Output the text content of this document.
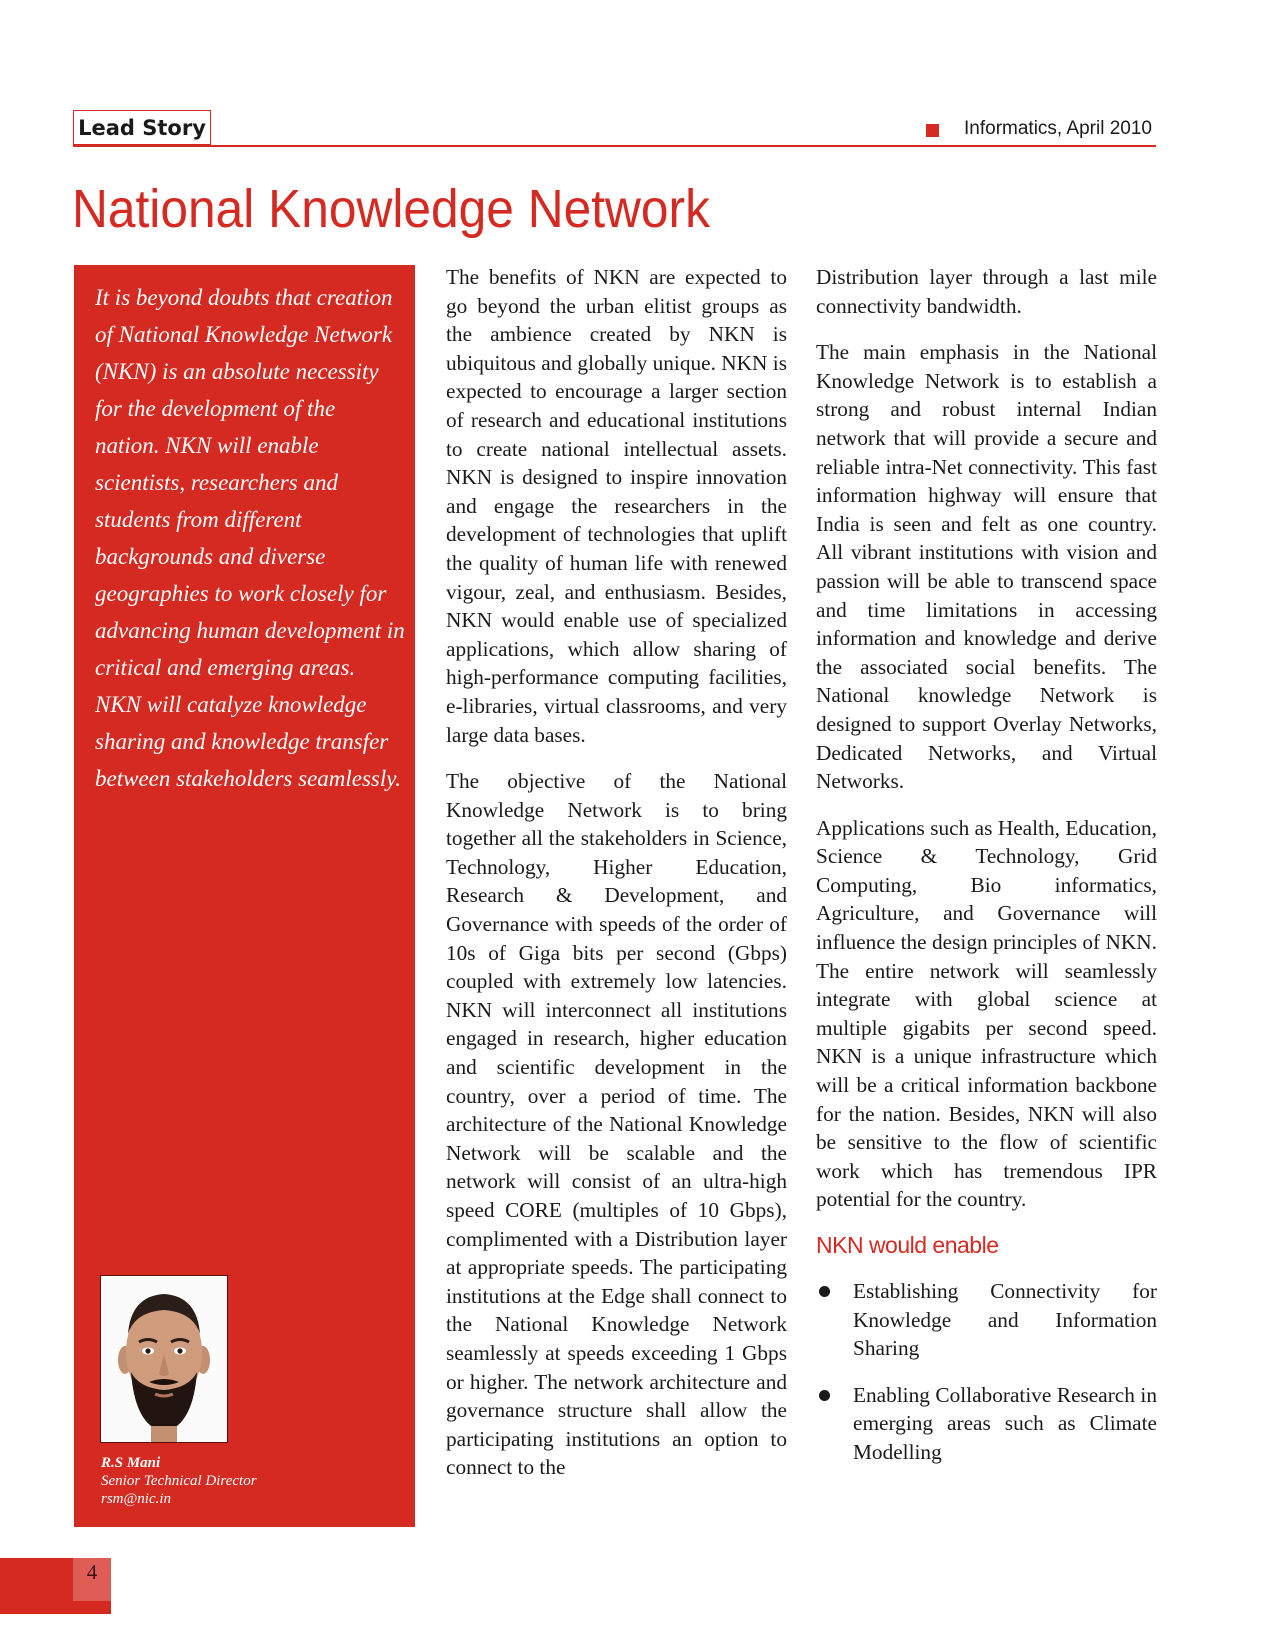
Lead Story	Informatics, April 2010
National Knowledge Network

It is beyond doubts that creation of National Knowledge Network (NKN) is an absolute necessity for the development of the nation. NKN will enable scientists, researchers and students from different backgrounds and diverse geographies to work closely for advancing human development in critical and emerging areas. NKN will catalyze knowledge sharing and knowledge transfer between stakeholders seamlessly.

R.S Mani
Senior Technical Director
rsm@nic.in

The benefits of NKN are expected to go beyond the urban elitist groups as the ambience created by NKN is ubiquitous and globally unique. NKN is expected to encourage a larger section of research and educational institutions to create national intellectual assets. NKN is designed to inspire innovation and engage the researchers in the development of technologies that uplift the quality of human life with renewed vigour, zeal, and enthusiasm. Besides, NKN would enable use of specialized applications, which allow sharing of high-performance computing facilities, e-libraries, virtual classrooms, and very large data bases.

The objective of the National Knowledge Network is to bring together all the stakeholders in Science, Technology, Higher Education, Research & Development, and Governance with speeds of the order of 10s of Giga bits per second (Gbps) coupled with extremely low latencies. NKN will interconnect all institutions engaged in research, higher education and scientific development in the country, over a period of time. The architecture of the National Knowledge Network will be scalable and the network will consist of an ultra-high speed CORE (multiples of 10 Gbps), complimented with a Distribution layer at appropriate speeds. The participating institutions at the Edge shall connect to the National Knowledge Network seamlessly at speeds exceeding 1 Gbps or higher. The network architecture and governance structure shall allow the participating institutions an option to connect to the

Distribution layer through a last mile connectivity bandwidth.

The main emphasis in the National Knowledge Network is to establish a strong and robust internal Indian network that will provide a secure and reliable intra-Net connectivity. This fast information highway will ensure that India is seen and felt as one country. All vibrant institutions with vision and passion will be able to transcend space and time limitations in accessing information and knowledge and derive the associated social benefits. The National knowledge Network is designed to support Overlay Networks, Dedicated Networks, and Virtual Networks.

Applications such as Health, Education, Science & Technology, Grid Computing, Bio informatics, Agriculture, and Governance will influence the design principles of NKN. The entire network will seamlessly integrate with global science at multiple gigabits per second speed. NKN is a unique infrastructure which will be a critical information backbone for the nation. Besides, NKN will also be sensitive to the flow of scientific work which has tremendous IPR potential for the country.

NKN would enable
Establishing Connectivity for Knowledge and Information Sharing
Enabling Collaborative Research in emerging areas such as Climate Modelling
4
